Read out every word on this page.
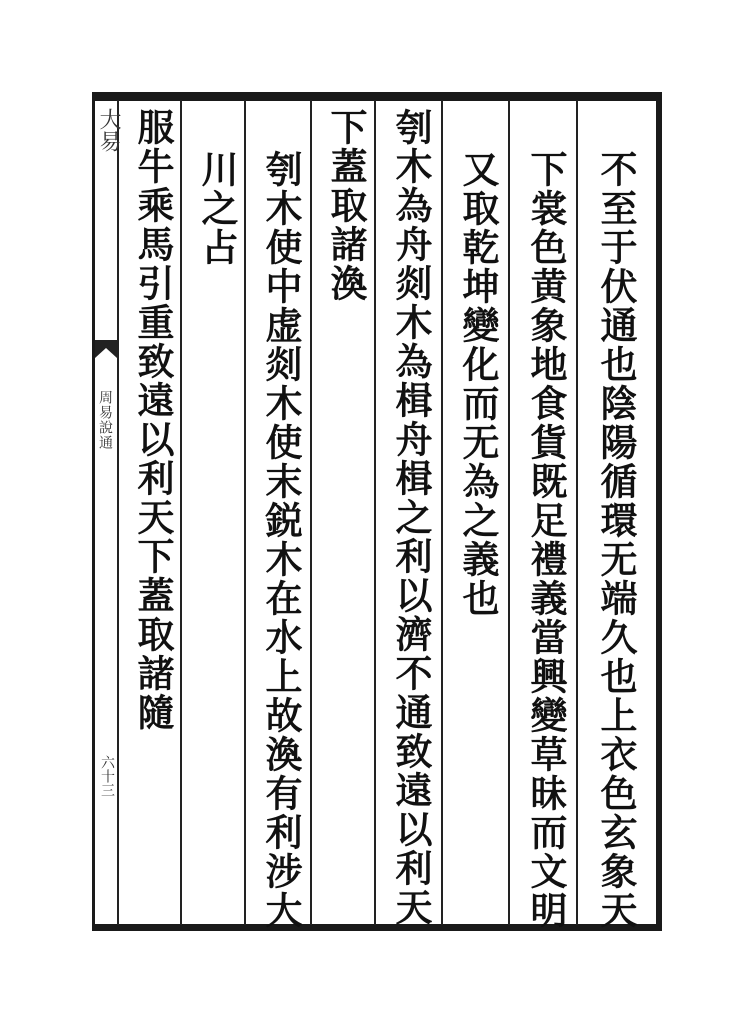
不至于伏通也陰陽循環无端久也上衣色玄象天
下裳色黄象地食貨既足禮義當興變草昧而文明
又取乾坤變化而无為之義也
刳木為舟剡木為楫舟楫之利以濟不通致遠以利天
下蓋取諸渙
刳木使中虚剡木使末鋭木在水上故渙有利涉大
川之占
服牛乘馬引重致遠以利天下蓋取諸隨
大易
周易說通
六十三
